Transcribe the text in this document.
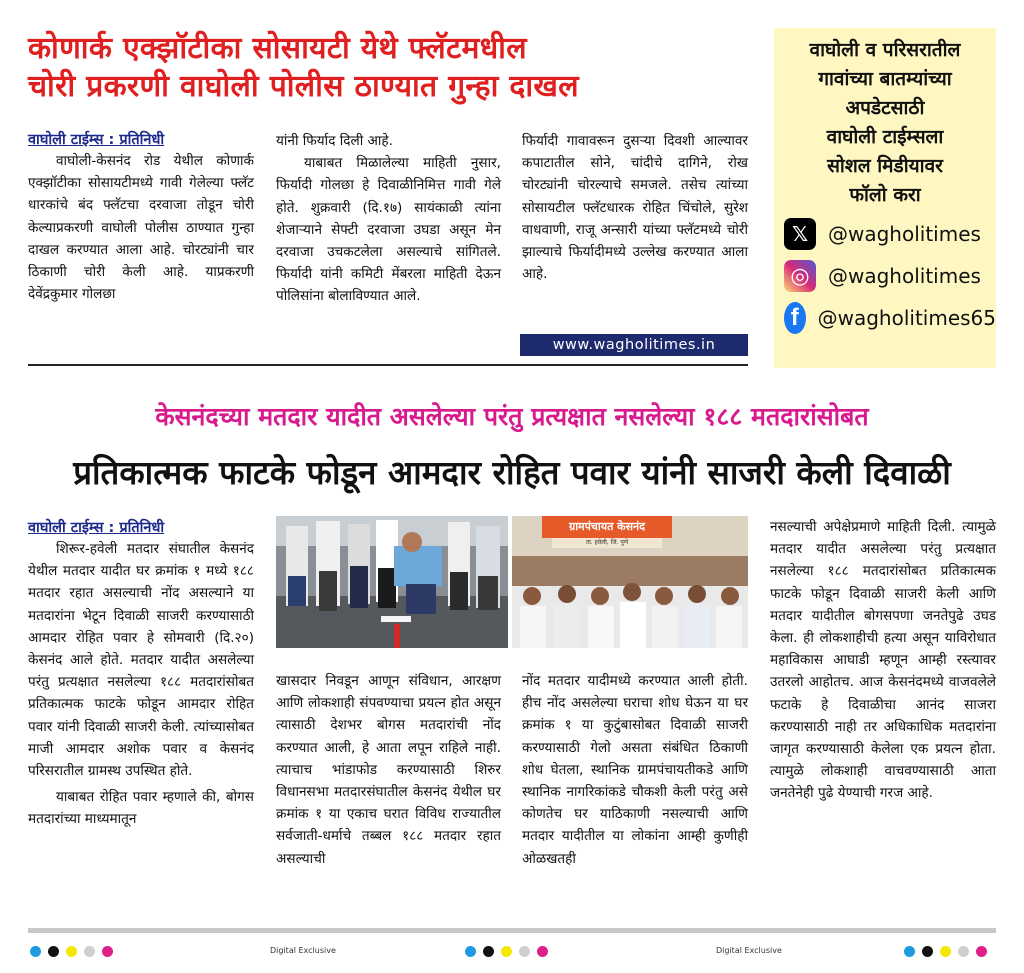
कोणार्क एक्झॉटीका सोसायटी येथे फ्लॅटमधील
चोरी प्रकरणी वाघोली पोलीस ठाण्यात गुन्हा दाखल
वाघोली टाईम्स : प्रतिनिधी
वाघोली-केसनंद रोड येथील कोणार्क एक्झॉटीका सोसायटीमध्ये गावी गेलेल्या फ्लॅट धारकांचे बंद फ्लॅटचा दरवाजा तोडून चोरी केल्याप्रकरणी वाघोली पोलीस ठाण्यात गुन्हा दाखल करण्यात आला आहे. चोरट्यांनी चार ठिकाणी चोरी केली आहे. याप्रकरणी देवेंद्रकुमार गोलछा
यांनी फिर्याद दिली आहे.
याबाबत मिळालेल्या माहिती नुसार, फिर्यादी गोलछा हे दिवाळीनिमित्त गावी गेले होते. शुक्रवारी (दि.१७) सायंकाळी त्यांना शेजाऱ्याने सेफ्टी दरवाजा उघडा असून मेन दरवाजा उचकटलेला असल्याचे सांगितले. फिर्यादी यांनी कमिटी मेंबरला माहिती देऊन पोलिसांना बोलाविण्यात आले.
फिर्यादी गावावरून दुसऱ्या दिवशी आल्यावर कपाटातील सोने, चांदीचे दागिने, रोख चोरट्यांनी चोरल्याचे समजले. तसेच त्यांच्या सोसायटील फ्लॅटधारक रोहित चिंचोले, सुरेश वाधवाणी, राजू अन्सारी यांच्या फ्लॅटमध्ये चोरी झाल्याचे फिर्यादीमध्ये उल्लेख करण्यात आला आहे.
www.wagholitimes.in
वाघोली व परिसरातील
गावांच्या बातम्यांच्या
अपडेटसाठी
वाघोली टाईम्सला
सोशल मिडीयावर
फॉलो करा
𝕏 @wagholitimes
◎ @wagholitimes
f @wagholitimes65
केसनंदच्या मतदार यादीत असलेल्या परंतु प्रत्यक्षात नसलेल्या १८८ मतदारांसोबत
प्रतिकात्मक फाटके फोडून आमदार रोहित पवार यांनी साजरी केली दिवाळी
वाघोली टाईम्स : प्रतिनिधी
शिरूर-हवेली मतदार संघातील केसनंद येथील मतदार यादीत घर क्रमांक १ मध्ये १८८ मतदार रहात असल्याची नोंद असल्याने या मतदारांना भेटून दिवाळी साजरी करण्यासाठी आमदार रोहित पवार हे सोमवारी (दि.२०) केसनंद आले होते. मतदार यादीत असलेल्या परंतु प्रत्यक्षात नसलेल्या १८८ मतदारांसोबत प्रतिकात्मक फाटके फोडून आमदार रोहित पवार यांनी दिवाळी साजरी केली. त्यांच्यासोबत माजी आमदार अशोक पवार व केसनंद परिसरातील ग्रामस्थ उपस्थित होते.
याबाबत रोहित पवार म्हणाले की, बोगस मतदारांच्या माध्यमातून
ग्रामपंचायत केसनंद
ता. हवेली, जि. पुणे
खासदार निवडून आणून संविधान, आरक्षण आणि लोकशाही संपवण्याचा प्रयत्न होत असून त्यासाठी देशभर बोगस मतदारांची नोंद करण्यात आली, हे आता लपून राहिले नाही. त्याचाच भांडाफोड करण्यासाठी शिरुर विधानसभा मतदारसंघातील केसनंद येथील घर क्रमांक १ या एकाच घरात विविध राज्यातील सर्वजाती-धर्माचे तब्बल १८८ मतदार रहात असल्याची
नोंद मतदार यादीमध्ये करण्यात आली होती. हीच नोंद असलेल्या घराचा शोध घेऊन या घर क्रमांक १ या कुटुंबासोबत दिवाळी साजरी करण्यासाठी गेलो असता संबंधित ठिकाणी शोध घेतला, स्थानिक ग्रामपंचायतीकडे आणि स्थानिक नागरिकांकडे चौकशी केली परंतु असे कोणतेच घर याठिकाणी नसल्याची आणि मतदार यादीतील या लोकांना आम्ही कुणीही ओळखतही
नसल्याची अपेक्षेप्रमाणे माहिती दिली. त्यामुळे मतदार यादीत असलेल्या परंतु प्रत्यक्षात नसलेल्या १८८ मतदारांसोबत प्रतिकात्मक फाटके फोडून दिवाळी साजरी केली आणि मतदार यादीतील बोगसपणा जनतेपुढे उघड केला. ही लोकशाहीची हत्या असून याविरोधात महाविकास आघाडी म्हणून आम्ही रस्त्यावर उतरलो आहोतच. आज केसनंदमध्ये वाजवलेले फटाके हे दिवाळीचा आनंद साजरा करण्यासाठी नाही तर अधिकाधिक मतदारांना जागृत करण्यासाठी केलेला एक प्रयत्न होता. त्यामुळे लोकशाही वाचवण्यासाठी आता जनतेनेही पुढे येण्याची गरज आहे.
Digital Exclusive	Digital Exclusive
